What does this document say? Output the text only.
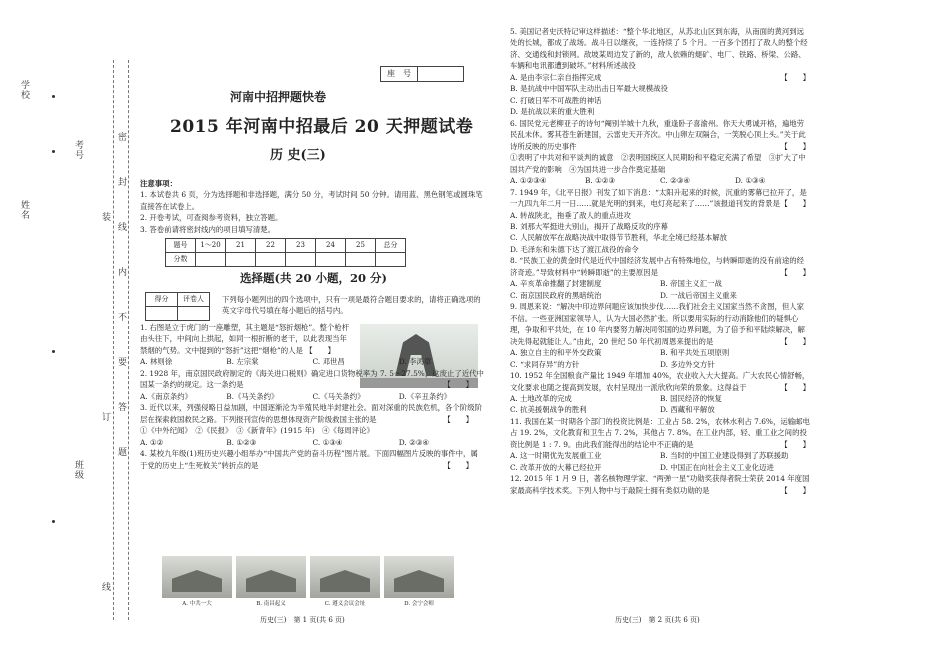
学校
姓名
考号
班级
密
封
线
内
不
要
答
题
装
订
线
座　号
河南中招押题快卷
2015 年河南中招最后 20 天押题试卷
历 史(三)
注意事项：
1. 本试卷共 6 页，分为选择题和非选择题，满分 50 分，考试时间 50 分钟。请用蓝、黑色钢笔或圆珠笔直接答在试卷上。
2. 开卷考试，可查阅参考资料，独立答题。
3. 答卷前请将密封线内的项目填写清楚。
题号	1～20	21	22	23	24	25	总分
分数							
选择题(共 20 小题，20 分)
得分	评卷人
	下列每小题列出的四个选项中，只有一项是最符合题目要求的，请将正确选项的英文字母代号填在每小题后的括号内。
1. 右图是立于虎门的一座雕塑，其主题是“怒折烟枪”。整个枪杆由头往下，中间向上拱起，如同一根折断的老干，以此表现当年禁烟的气势。文中提到的“怒折”这把“烟枪”的人是 【　　】
A. 林则徐	B. 左宗棠	C. 邓世昌	D. 李鸿章
2. 1928 年，南京国民政府制定的《海关进口税则》确定进口货物税率为 7. 5～27.5%，这废止了近代中国某一条约的规定。这一条约是	【　　】
A.《南京条约》	B.《马关条约》	C.《马关条约》	D.《辛丑条约》
3. 近代以来，列强侵略日益加剧，中国逐渐沦为半殖民地半封建社会。面对深重的民族危机，各个阶级阶层在探索救国救民之路。下列报刊宣传的思想体现资产阶级救国主张的是	【　　】
①《中外纪闻》　②《民报》　③《新青年》(1915 年)　④《每周评论》
A. ①②	B. ①②③	C. ①③④	D. ②③④
4. 某校九年级(1)班历史兴趣小组举办“中国共产党的奋斗历程”图片展。下面四幅图片反映的事件中，属于党的历史上“生死攸关”转折点的是	【　　】
A. 中共一大	B. 南昌起义	C. 遵义会议会址	D. 会宁会师
历史(三)　第 1 页(共 6 页)

5. 美国记者史沃特记审这样描述：“整个华北地区，从苏北山区到东海，从南面的黄河到远处的长城，都成了战场。战斗日以继夜，一连持续了 5 个月。一百多个团打了敌人的整个经济、交通线和封锁网。敌坡某周边发了新的，敌人依赖的煺矿、电厂、铁路、桥梁、公路、车辆和电讯都遭到破坏。”材料所述战役

A. 是由李宗仁亲自指挥完成	【　　】

B. 是抗战中中国军队主动出击日军最大规模战役

C. 打破日军不可战胜的神话

D. 是抗战以来的重大胜利

6. 国民党元老柳亚子的诗句“阉别羊城十九秋，重逢卧子喜渝州。你天大勇诚开格，遍地劳民乱未休。雾其苍生新建国，云雷史天开齐次。中山卵左双隔合，一笑脱心顶上头。”关于此诗所反映的历史事件	【　　】

①表明了中共对和平谈判的诚意　②表明国统区人民期盼和平稳定充满了希望　③扩大了中国共产党的影响　④为国共进一步合作奠定基础

A. ①②③④	B. ①②③	C. ②③④	D. ①③④

7. 1949 年，《北平日报》刊发了如下消息：“太阳升起来的时候，沉重的雾幕已拉开了，是一九四九年二月一日……就是光明的到来，电灯亮起来了……”该报道刊发的背景是 【　　】

A. 转战陕北，拖垂了敌人的重点进攻

B. 刘那大军挺进大别山，揭开了战略反攻的序幕

C. 人民解放军在战略决战中取得节节胜利，华北全境已经基本解放

D. 毛泽东和朱德下达了渡江战役的命令

8. “民族工业的黄金时代是近代中国经济发展中占有特殊地位，与转瞬即逝的没有前途的经济奇迹。”导致材料中“转瞬即逝”的主要原因是	【　　】

A. 辛亥革命推翻了封建制度	B. 帝国主义汇一战
C. 南京国民政府的黑暗统治	D. 一战后帝国主义重来

9. 周恩来说：“解决中印边界问题应该加快步伐……我们社会主义国家当然不贪图，但人家不信。一些亚洲国家领导人，认为大国必然扩张。所以要用实际的行动消除他们的疑惧心理，争取和平共处，在 10 年内要努力解决同邻国的边界问题，为了倍予和平陆续解决，解决先得起就能让人。”由此，20 世纪 50 年代初周恩来提出的是	【　　】

A. 独立自主的和平外交政策	B. 和平共处五项原则
C. “求同存异”的方针	D. 多边外交方针

10. 1952 年全国粮食产量比 1949 年增加 40%，农业收入大大提高。广大农民心情舒畅，文化要求也随之提高到发展，农村呈现出一派欣欣向荣的景象。这得益于	【　　】

A. 土地改革的完成	B. 国民经济的恢复
C. 抗美援朝战争的胜利	D. 西藏和平解放

11. 我国在某一时期各个部门的投资比例是：工业占 58. 2%，农林水利占 7.6%，运输邮电占 19. 2%，文化教育和卫生占 7. 2%，其他占 7. 8%。在工业内部，轻、重工业之间的投资比例是 1 : 7. 9。由此我们能得出的结论中不正确的是	【　　】

A. 这一时期优先发展重工业	B. 当时的中国工业建设得到了苏联援助
C. 改革开放的大幕已经拉开	D. 中国正在向社会主义工业化迈进

12. 2015 年 1 月 9 日，著名核物理学家、“两弹一星”功勋奖获得者院士荣获 2014 年度国家最高科学技术奖。下列人物中与于敲院士拥有类似功勋的是	【　　】

历史(三)　第 2 页(共 6 页)
